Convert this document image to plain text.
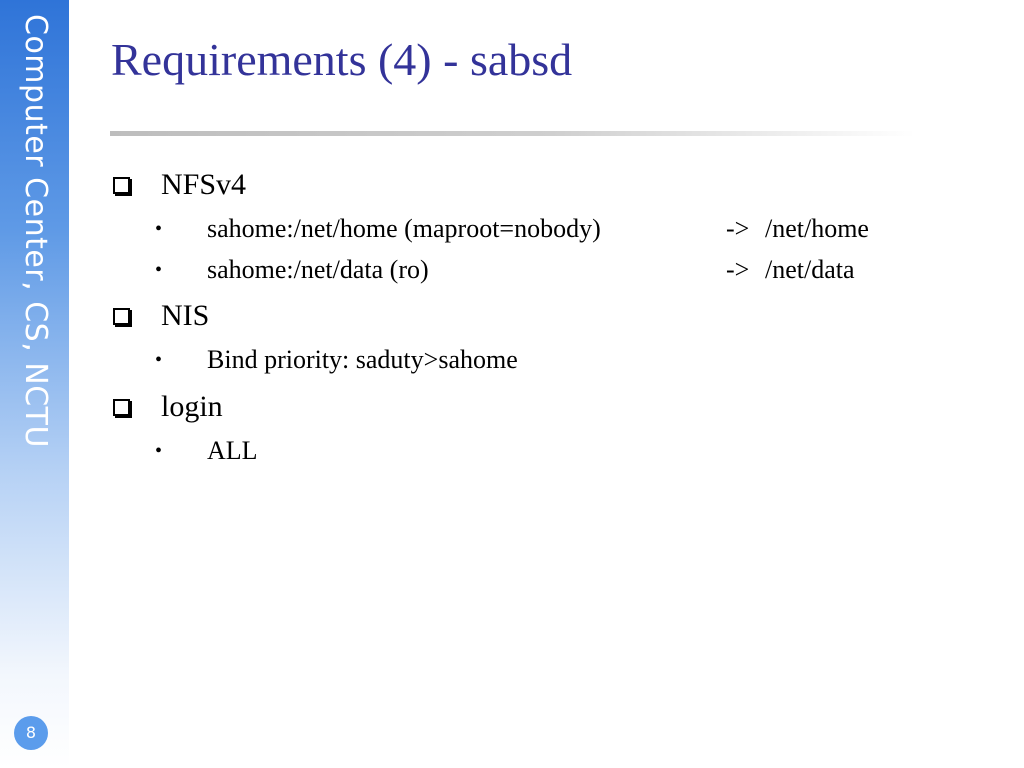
Computer Center, CS, NCTU
8
Requirements (4) - sabsd
NFSv4
• sahome:/net/home (maproot=nobody)	-> /net/home
• sahome:/net/data (ro)	-> /net/data
NIS
• Bind priority: saduty>sahome
login
• ALL
